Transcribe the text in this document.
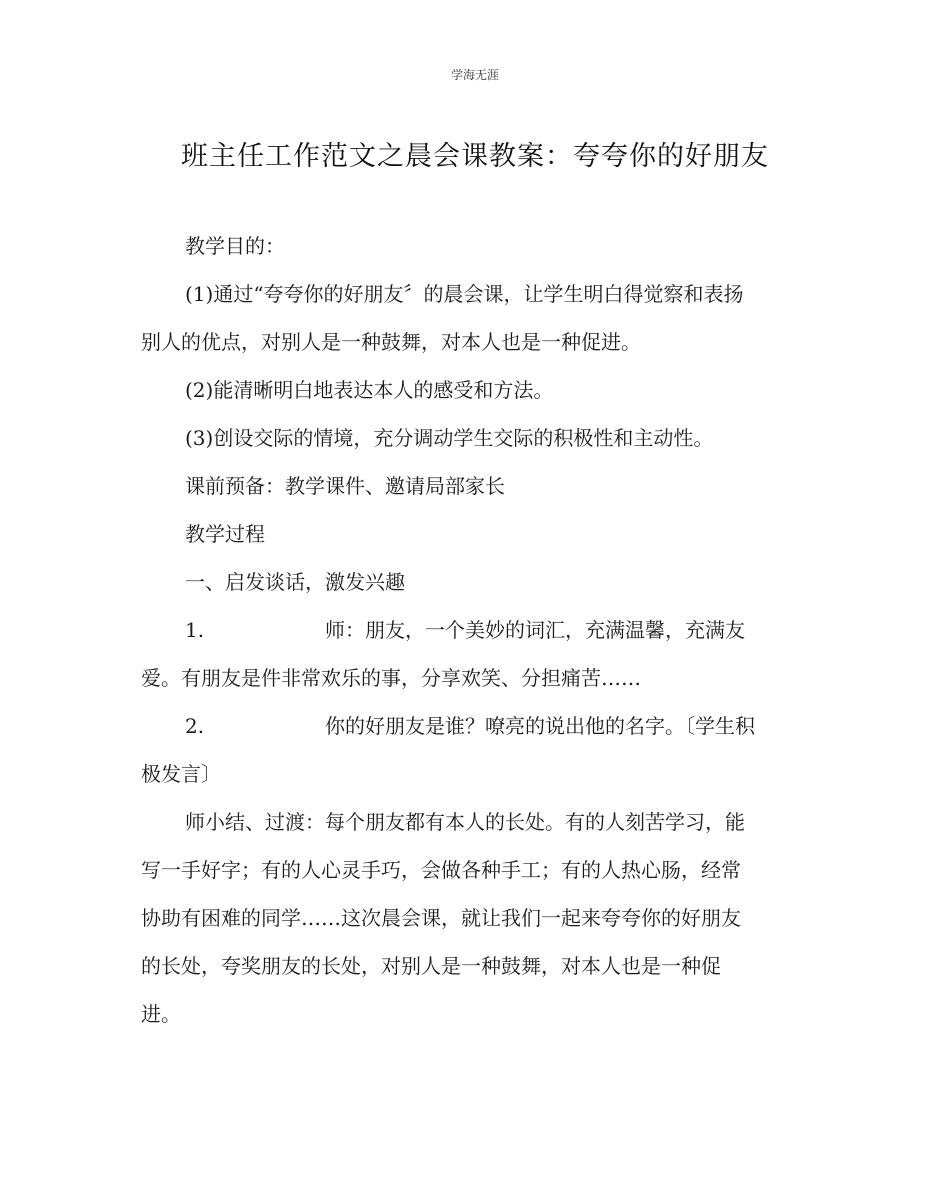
学海无涯
班主任工作范文之晨会课教案：夸夸你的好朋友

教学目的：

(1)通过“夸夸你的好朋友〞的晨会课，让学生明白得觉察和表扬

别人的优点，对别人是一种鼓舞，对本人也是一种促进。

(2)能清晰明白地表达本人的感受和方法。

(3)创设交际的情境，充分调动学生交际的积极性和主动性。

课前预备：教学课件、邀请局部家长

教学过程

一、启发谈话，激发兴趣

1.	师：朋友，一个美妙的词汇，充满温馨，充满友

爱。有朋友是件非常欢乐的事，分享欢笑、分担痛苦……

2.	你的好朋友是谁？嘹亮的说出他的名字。〔学生积

极发言〕

师小结、过渡：每个朋友都有本人的长处。有的人刻苦学习，能

写一手好字；有的人心灵手巧，会做各种手工；有的人热心肠，经常

协助有困难的同学……这次晨会课，就让我们一起来夸夸你的好朋友

的长处，夸奖朋友的长处，对别人是一种鼓舞，对本人也是一种促

进。
